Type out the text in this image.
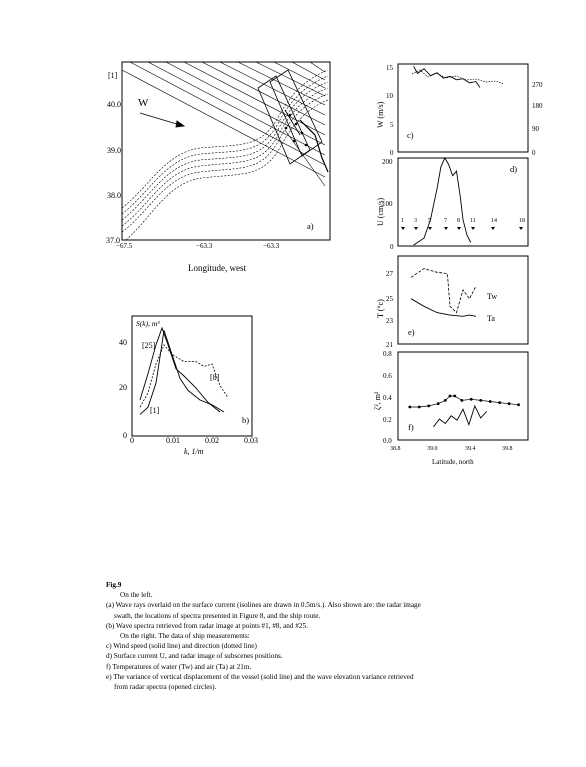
[1]
40.0
39.0
38.0
37.0
−67.5	−63.3	−63.3
Longitude, west
W
a)
S(k), m³
40
20
0
0	0.01	0.02	0.03
k, 1/m
[25]
[8]
[1]
b)
15
10
5
0
270
180
90
0
W (m/s)
c)
200
100
0
U (cm/s)
d)
1 3 5 7 8 11	14	18
27
25
23
21
T (°c)
Tw
Ta
e)
0.8
0.6
0.4
0.2
0.0
38.8	39.0	39.4	39.8
Latitude, north
ζ², m²
f)
Fig.9
On the left.
(a) Wave rays overlaid on the surface current (isolines are drawn in 0.5m/s.). Also shown are: the radar image
swath, the locations of spectra presented in Figure 8, and the ship route.
(b) Wave spectra retrieved from radar image at points #1, #8, and #25.
On the right. The data of ship measurements:
c) Wind speed (solid line) and direction (dotted line)
d) Surface current U, and radar image of subscenes positions.
f) Temperatures of water (Tw) and air (Ta) at 21m.
e) The variance of vertical displacement of the vessel (solid line) and the wave elevation variance retrieved
from radar spectra (opened circles).
